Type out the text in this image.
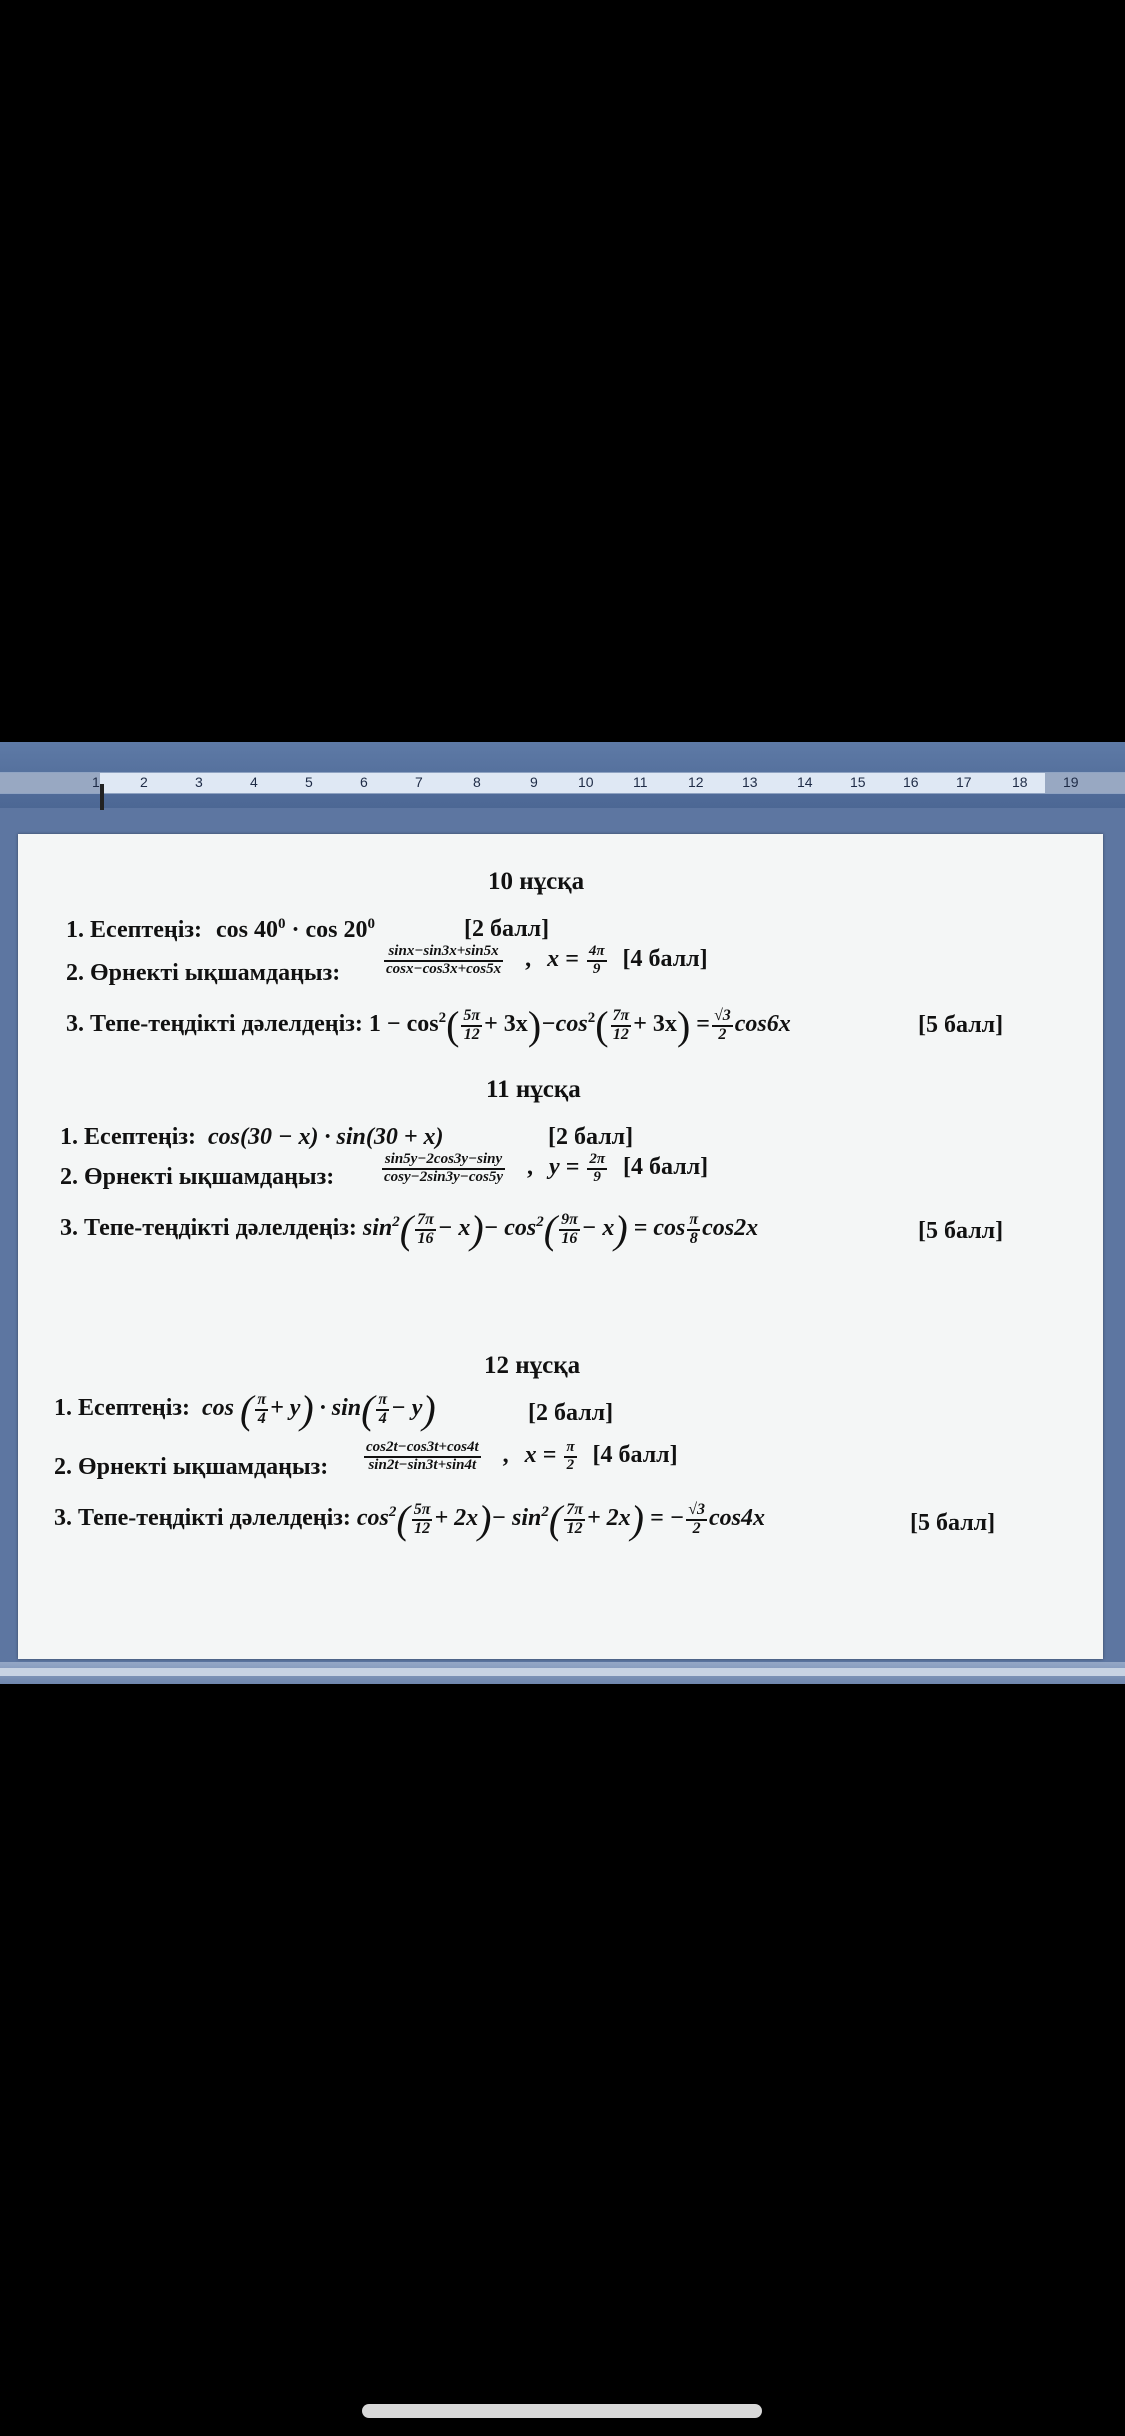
1	2	3	4	5	6	7	8	9	10	11	12	13	14	15	16	17	18	19
10 нұсқа
1. Есептеңіз: $\cos 40^0 \cdot \cos 20^0$	[2 балл]
2. Өрнекті ықшамдаңыз:	$\frac{\sin x-\sin 3x+\sin 5x}{\cos x-\cos 3x+\cos 5x}$ , $x = \frac{4\pi}{9} [4$ балл]
3. Тепе-теңдікті дәлелдеңіз: $1 - \cos^2( \frac{5\pi}{12} + 3x)-\cos^2( \frac{7\pi}{12} + 3x) = \frac{√3}{2} \cos 6x$	[5 балл]
11 нұсқа
1. Есептеңіз: cos(30 − x) · sin(30 + x)	[2 балл]
2. Өрнекті ықшамдаңыз:	$\frac{\sin 5y-2\cos 3y-\sin y}{\cos y-2\sin 3y-\cos 5y}$ , $y = \frac{2\pi}{9} [4$ балл]
3. Тепе-теңдікті дәлелдеңіз: $\sin^2( \frac{7\pi}{16} - x)- \cos^2( \frac{9\pi}{16} - x) = \cos \frac{\pi}{8} \cos 2x$	[5 балл]
12 нұсқа
1. Есептеңіз: cos ( $\frac{\pi}{4} + y) \cdot \sin( \frac{\pi}{4} - y)$	[2 балл]
2. Өрнекті ықшамдаңыз: $\frac{\cos 2t-\cos 3t+\cos 4t}{\sin 2t-\sin 3t+\sin 4t}$ , $x = \frac{\pi}{2} [4$ балл]
3. Тепе-теңдікті дәлелдеңіз: $\cos^2( \frac{5\pi}{12} + 2x)- \sin^2( \frac{7\pi}{12} + 2x)$ = − $\frac{√3}{2} \cos 4x$	[5 балл]
